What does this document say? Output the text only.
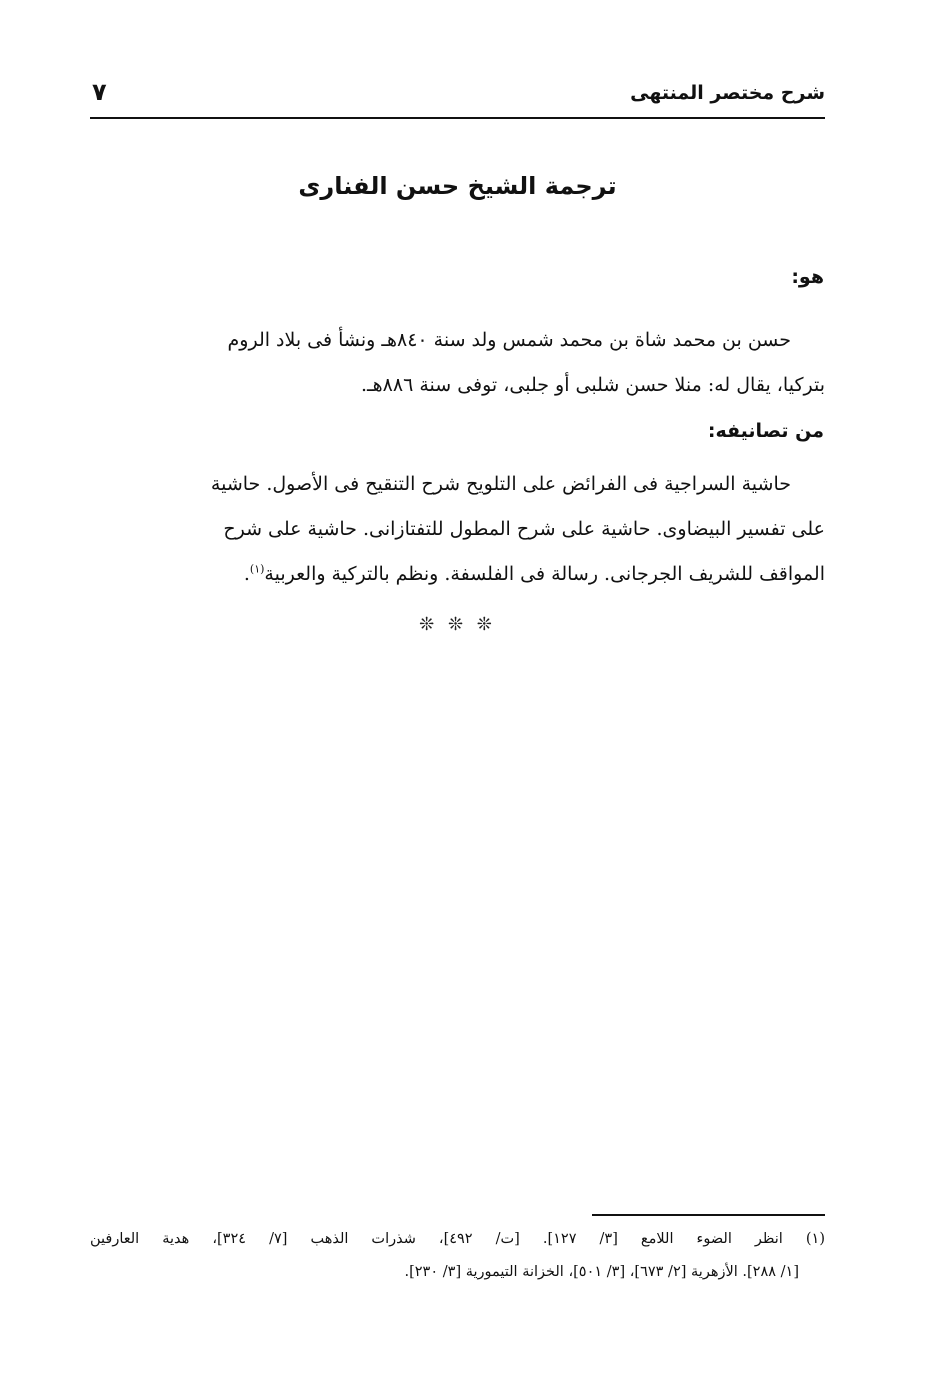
شرح مختصر المنتهى
٧
ترجمة الشيخ حسن الفنارى
هو:
حسن بن محمد شاة بن محمد شمس ولد سنة ٨٤٠هـ ونشأ فى بلاد الروم
بتركيا، يقال له: منلا حسن شلبى أو جلبى، توفى سنة ٨٨٦هـ.
من تصانيفه:
حاشية السراجية فى الفرائض على التلويح شرح التنقيح فى الأصول. حاشية
على تفسير البيضاوى. حاشية على شرح المطول للتفتازانى. حاشية على شرح
المواقف للشريف الجرجانى. رسالة فى الفلسفة. ونظم بالتركية والعربية$^{(١)}$.
❊ ❊ ❊
(١) انظر الضوء اللامع [٣/ ١٢٧]. [ت/ ٤٩٢]، شذرات الذهب [٧/ ٣٢٤]، هدية العارفين
[١/ ٢٨٨]. الأزهرية [٢/ ٦٧٣]، [٣/ ٥٠١]، الخزانة التيمورية [٣/ ٢٣٠].
